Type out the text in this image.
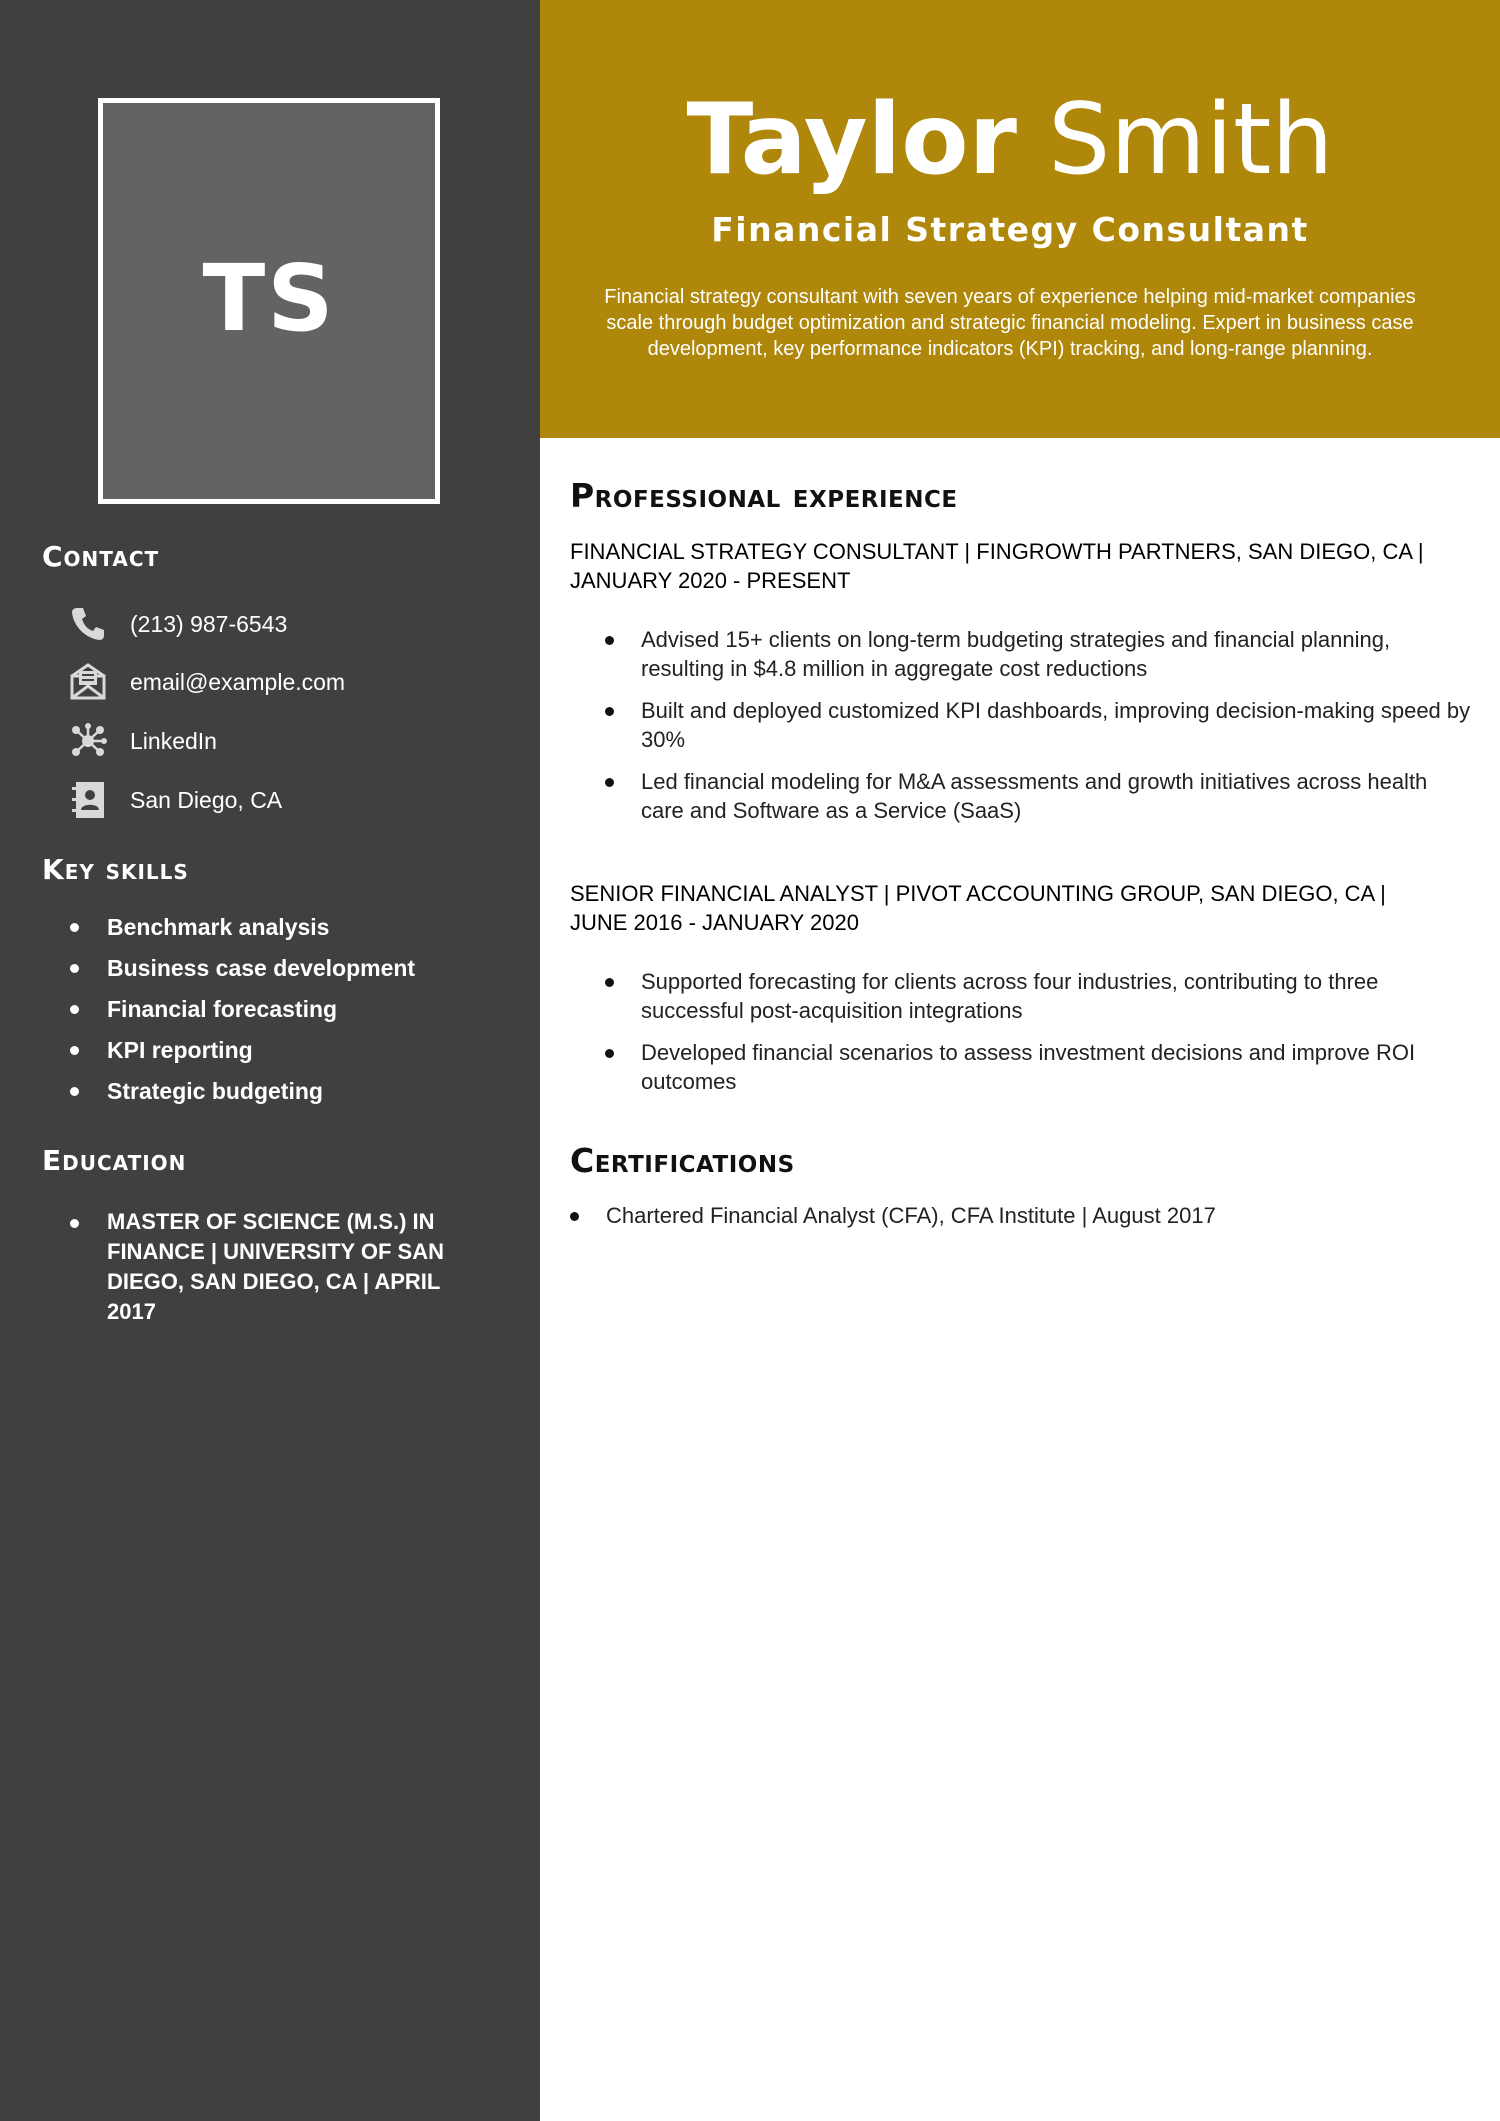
TS
Contact
(213) 987-6543
email@example.com
LinkedIn
San Diego, CA
Key skills
Benchmark analysis
Business case development
Financial forecasting
KPI reporting
Strategic budgeting
Education
MASTER OF SCIENCE (M.S.) IN FINANCE | UNIVERSITY OF SAN DIEGO, SAN DIEGO, CA | APRIL 2017
Taylor Smith
Financial Strategy Consultant
Financial strategy consultant with seven years of experience helping mid-market companies scale through budget optimization and strategic financial modeling. Expert in business case development, key performance indicators (KPI) tracking, and long-range planning.
Professional experience
FINANCIAL STRATEGY CONSULTANT | FINGROWTH PARTNERS, SAN DIEGO, CA | JANUARY 2020 - PRESENT
Advised 15+ clients on long-term budgeting strategies and financial planning, resulting in $4.8 million in aggregate cost reductions
Built and deployed customized KPI dashboards, improving decision-making speed by 30%
Led financial modeling for M&A assessments and growth initiatives across health care and Software as a Service (SaaS)
SENIOR FINANCIAL ANALYST | PIVOT ACCOUNTING GROUP, SAN DIEGO, CA | JUNE 2016 - JANUARY 2020
Supported forecasting for clients across four industries, contributing to three successful post-acquisition integrations
Developed financial scenarios to assess investment decisions and improve ROI outcomes
Certifications
Chartered Financial Analyst (CFA), CFA Institute | August 2017
